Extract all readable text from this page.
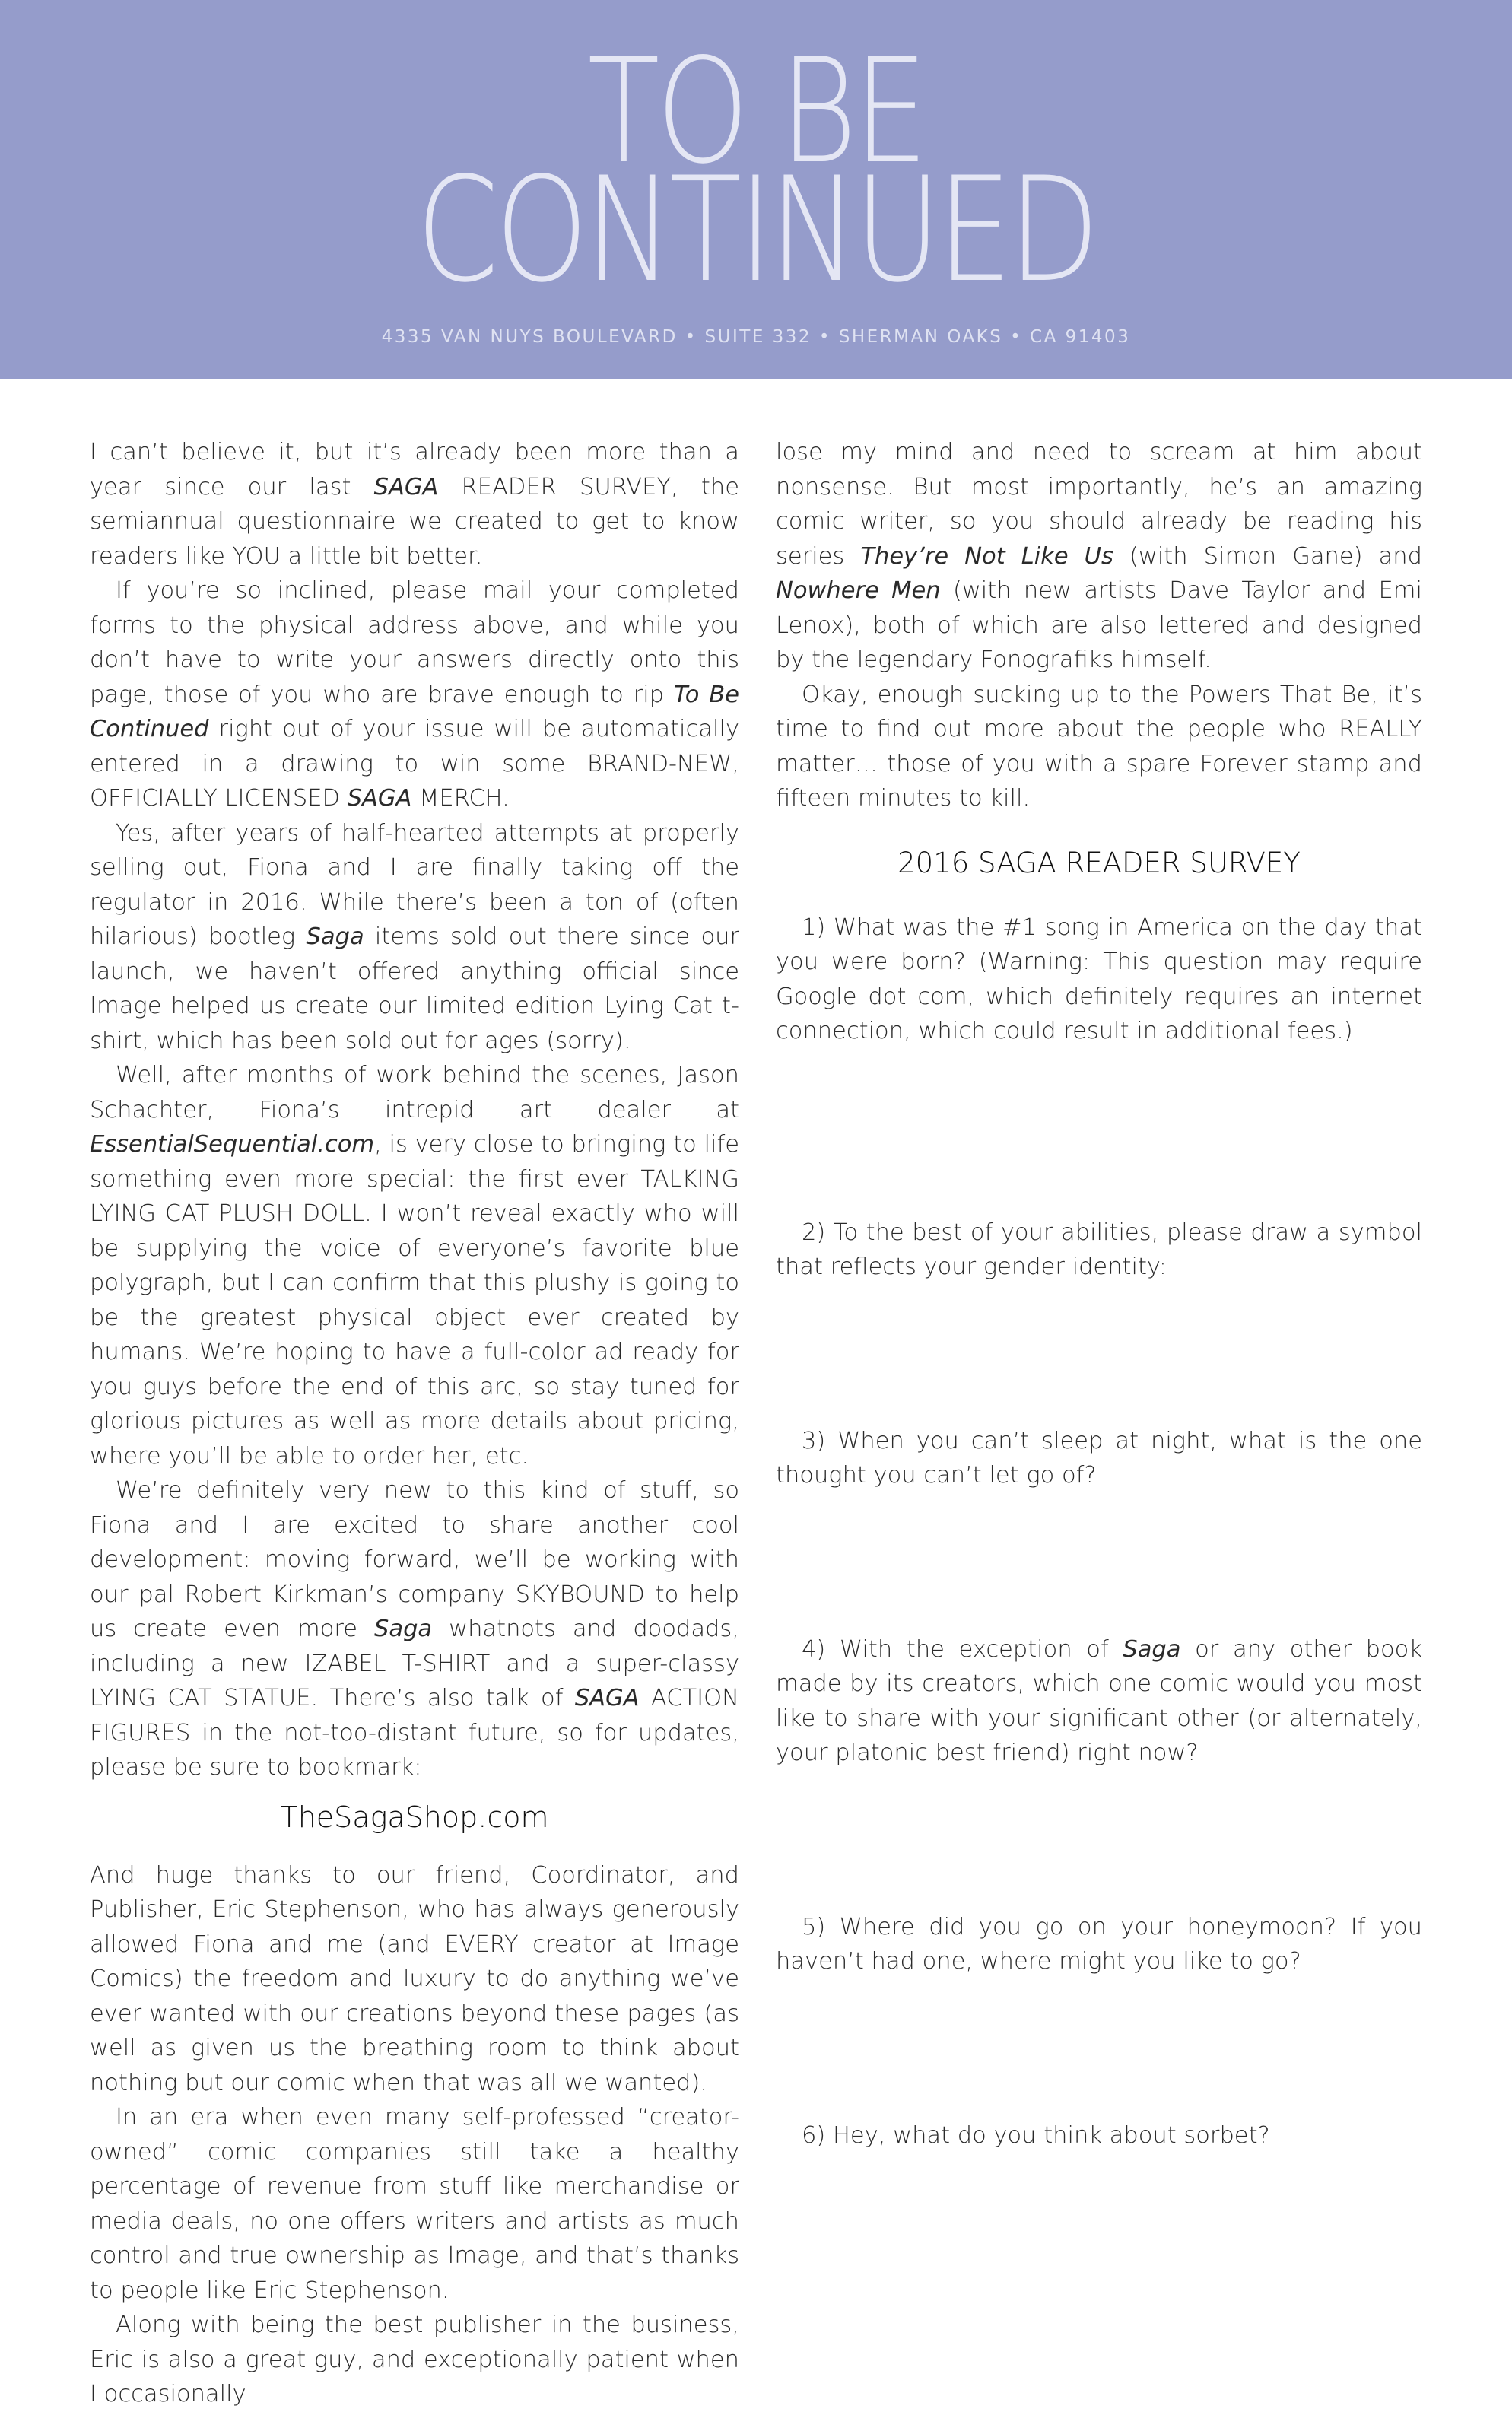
TO BE
CONTINUED
4335 VAN NUYS BOULEVARD • SUITE 332 • SHERMAN OAKS • CA 91403

I can’t believe it, but it’s already been more than a year since our last SAGA READER SURVEY, the semiannual questionnaire we created to get to know readers like YOU a little bit better.

If you’re so inclined, please mail your completed forms to the physical address above, and while you don’t have to write your answers directly onto this page, those of you who are brave enough to rip To Be Continued right out of your issue will be automatically entered in a drawing to win some BRAND-NEW, OFFICIALLY LICENSED SAGA MERCH.

Yes, after years of half-hearted attempts at properly selling out, Fiona and I are finally taking off the regulator in 2016. While there’s been a ton of (often hilarious) bootleg Saga items sold out there since our launch, we haven’t offered anything official since Image helped us create our limited edition Lying Cat t-shirt, which has been sold out for ages (sorry).

Well, after months of work behind the scenes, Jason Schachter, Fiona’s intrepid art dealer at EssentialSequential.com, is very close to bringing to life something even more special: the first ever TALKING LYING CAT PLUSH DOLL. I won’t reveal exactly who will be supplying the voice of everyone’s favorite blue polygraph, but I can confirm that this plushy is going to be the greatest physical object ever created by humans. We’re hoping to have a full-color ad ready for you guys before the end of this arc, so stay tuned for glorious pictures as well as more details about pricing, where you’ll be able to order her, etc.

We’re definitely very new to this kind of stuff, so Fiona and I are excited to share another cool development: moving forward, we’ll be working with our pal Robert Kirkman’s company SKYBOUND to help us create even more Saga whatnots and doodads, including a new IZABEL T-SHIRT and a super-classy LYING CAT STATUE. There’s also talk of SAGA ACTION FIGURES in the not-too-distant future, so for updates, please be sure to bookmark:

TheSagaShop.com

And huge thanks to our friend, Coordinator, and Publisher, Eric Stephenson, who has always generously allowed Fiona and me (and EVERY creator at Image Comics) the freedom and luxury to do anything we’ve ever wanted with our creations beyond these pages (as well as given us the breathing room to think about nothing but our comic when that was all we wanted).

In an era when even many self-professed “creator-owned” comic companies still take a healthy percentage of revenue from stuff like merchandise or media deals, no one offers writers and artists as much control and true ownership as Image, and that’s thanks to people like Eric Stephenson.

Along with being the best publisher in the business, Eric is also a great guy, and exceptionally patient when I occasionally

lose my mind and need to scream at him about nonsense. But most importantly, he’s an amazing comic writer, so you should already be reading his series They’re Not Like Us (with Simon Gane) and Nowhere Men (with new artists Dave Taylor and Emi Lenox), both of which are also lettered and designed by the legendary Fonografiks himself.

Okay, enough sucking up to the Powers That Be, it’s time to find out more about the people who REALLY matter… those of you with a spare Forever stamp and fifteen minutes to kill.

2016 SAGA READER SURVEY

1) What was the #1 song in America on the day that you were born? (Warning: This question may require Google dot com, which definitely requires an internet connection, which could result in additional fees.)

2) To the best of your abilities, please draw a symbol that reflects your gender identity:

3) When you can’t sleep at night, what is the one thought you can’t let go of?

4) With the exception of Saga or any other book made by its creators, which one comic would you most like to share with your significant other (or alternately, your platonic best friend) right now?

5) Where did you go on your honeymoon? If you haven’t had one, where might you like to go?

6) Hey, what do you think about sorbet?
